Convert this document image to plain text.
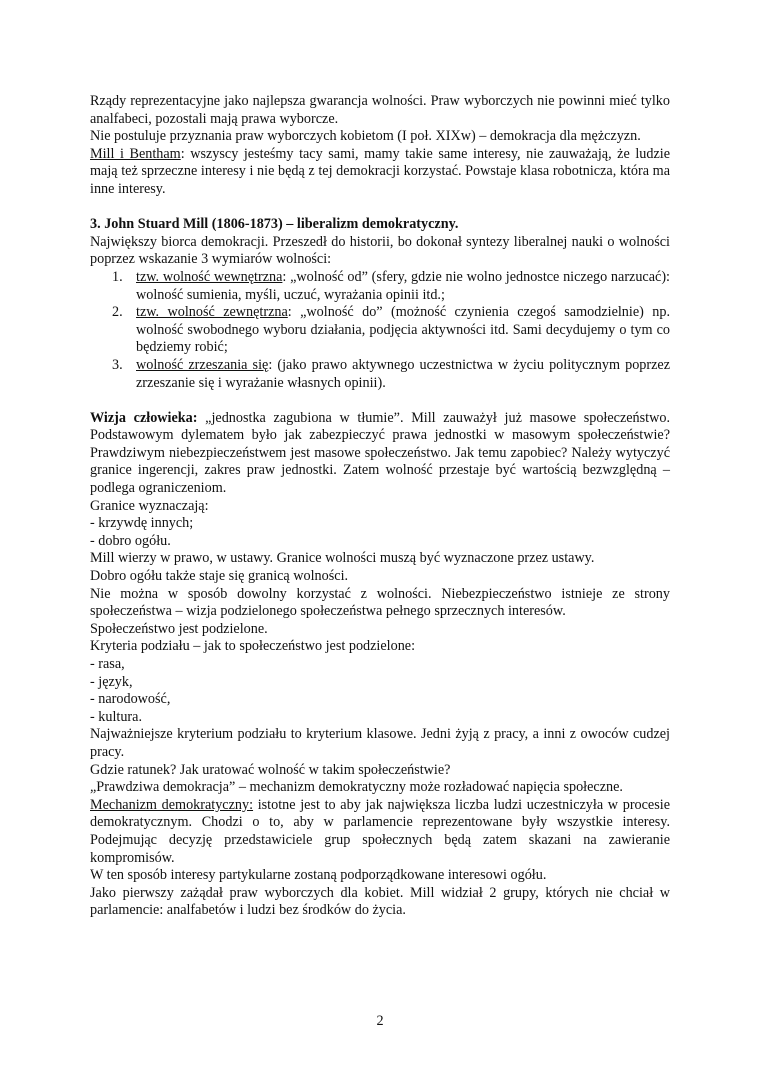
Rządy reprezentacyjne jako najlepsza gwarancja wolności. Praw wyborczych nie powinni mieć tylko analfabeci, pozostali mają prawa wyborcze.

Nie postuluje przyznania praw wyborczych kobietom (I poł. XIXw) – demokracja dla mężczyzn.

Mill i Bentham: wszyscy jesteśmy tacy sami, mamy takie same interesy, nie zauważają, że ludzie mają też sprzeczne interesy i nie będą z tej demokracji korzystać. Powstaje klasa robotnicza, która ma inne interesy.

3. John Stuard Mill (1806-1873) – liberalizm demokratyczny.

Największy biorca demokracji. Przeszedł do historii, bo dokonał syntezy liberalnej nauki o wolności poprzez wskazanie 3 wymiarów wolności:

1. tzw. wolność wewnętrzna: „wolność od” (sfery, gdzie nie wolno jednostce niczego narzucać): wolność sumienia, myśli, uczuć, wyrażania opinii itd.;
2. tzw. wolność zewnętrzna: „wolność do” (możność czynienia czegoś samodzielnie) np. wolność swobodnego wyboru działania, podjęcia aktywności itd. Sami decydujemy o tym co będziemy robić;
3. wolność zrzeszania się: (jako prawo aktywnego uczestnictwa w życiu politycznym poprzez zrzeszanie się i wyrażanie własnych opinii).

Wizja człowieka: „jednostka zagubiona w tłumie”. Mill zauważył już masowe społeczeństwo. Podstawowym dylematem było jak zabezpieczyć prawa jednostki w masowym społeczeństwie? Prawdziwym niebezpieczeństwem jest masowe społeczeństwo. Jak temu zapobiec? Należy wytyczyć granice ingerencji, zakres praw jednostki. Zatem wolność przestaje być wartością bezwzględną – podlega ograniczeniom.

Granice wyznaczają:

- krzywdę innych;

- dobro ogółu.

Mill wierzy w prawo, w ustawy. Granice wolności muszą być wyznaczone przez ustawy.

Dobro ogółu także staje się granicą wolności.

Nie można w sposób dowolny korzystać z wolności. Niebezpieczeństwo istnieje ze strony społeczeństwa – wizja podzielonego społeczeństwa pełnego sprzecznych interesów.

Społeczeństwo jest podzielone.

Kryteria podziału – jak to społeczeństwo jest podzielone:

- rasa,

- język,

- narodowość,

- kultura.

Najważniejsze kryterium podziału to kryterium klasowe. Jedni żyją z pracy, a inni z owoców cudzej pracy.

Gdzie ratunek? Jak uratować wolność w takim społeczeństwie?

„Prawdziwa demokracja” – mechanizm demokratyczny może rozładować napięcia społeczne.

Mechanizm demokratyczny: istotne jest to aby jak największa liczba ludzi uczestniczyła w procesie demokratycznym. Chodzi o to, aby w parlamencie reprezentowane były wszystkie interesy. Podejmując decyzję przedstawiciele grup społecznych będą zatem skazani na zawieranie kompromisów.

W ten sposób interesy partykularne zostaną podporządkowane interesowi ogółu.

Jako pierwszy zażądał praw wyborczych dla kobiet. Mill widział 2 grupy, których nie chciał w parlamencie: analfabetów i ludzi bez środków do życia.

2
